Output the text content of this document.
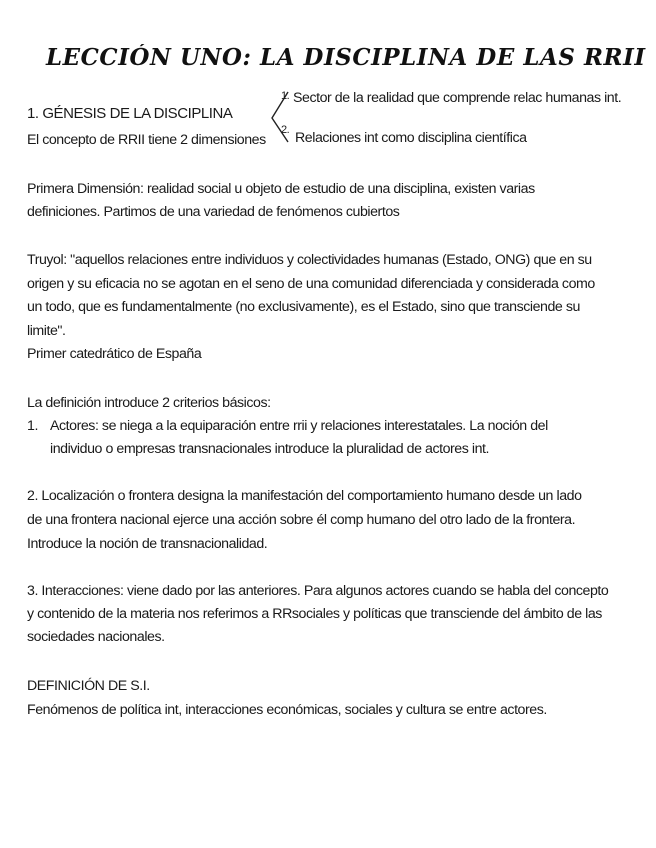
LECCIÓN UNO: LA DISCIPLINA DE LAS RRII
1. GÉNESIS DE LA DISCIPLINA
El concepto de RRII tiene 2 dimensiones
1. Sector de la realidad que comprende relac humanas int.
2. Relaciones int como disciplina científica
Primera Dimensión: realidad social u objeto de estudio de una disciplina, existen varias
definiciones. Partimos de una variedad de fenómenos cubiertos
Truyol: "aquellos relaciones entre individuos y colectividades humanas (Estado, ONG) que en su
origen y su eficacia no se agotan en el seno de una comunidad diferenciada y considerada como
un todo, que es fundamentalmente (no exclusivamente), es el Estado, sino que transciende su
limite".
Primer catedrático de España
La definición introduce 2 criterios básicos:
1. Actores: se niega a la equiparación entre rrii y relaciones interestatales. La noción del
individuo o empresas transnacionales introduce la pluralidad de actores int.
2. Localización o frontera designa la manifestación del comportamiento humano desde un lado
de una frontera nacional ejerce una acción sobre él comp humano del otro lado de la frontera.
Introduce la noción de transnacionalidad.
3. Interacciones: viene dado por las anteriores. Para algunos actores cuando se habla del concepto
y contenido de la materia nos referimos a RRsociales y políticas que transciende del ámbito de las
sociedades nacionales.
DEFINICIÓN DE S.I.
Fenómenos de política int, interacciones económicas, sociales y cultura se entre actores.
